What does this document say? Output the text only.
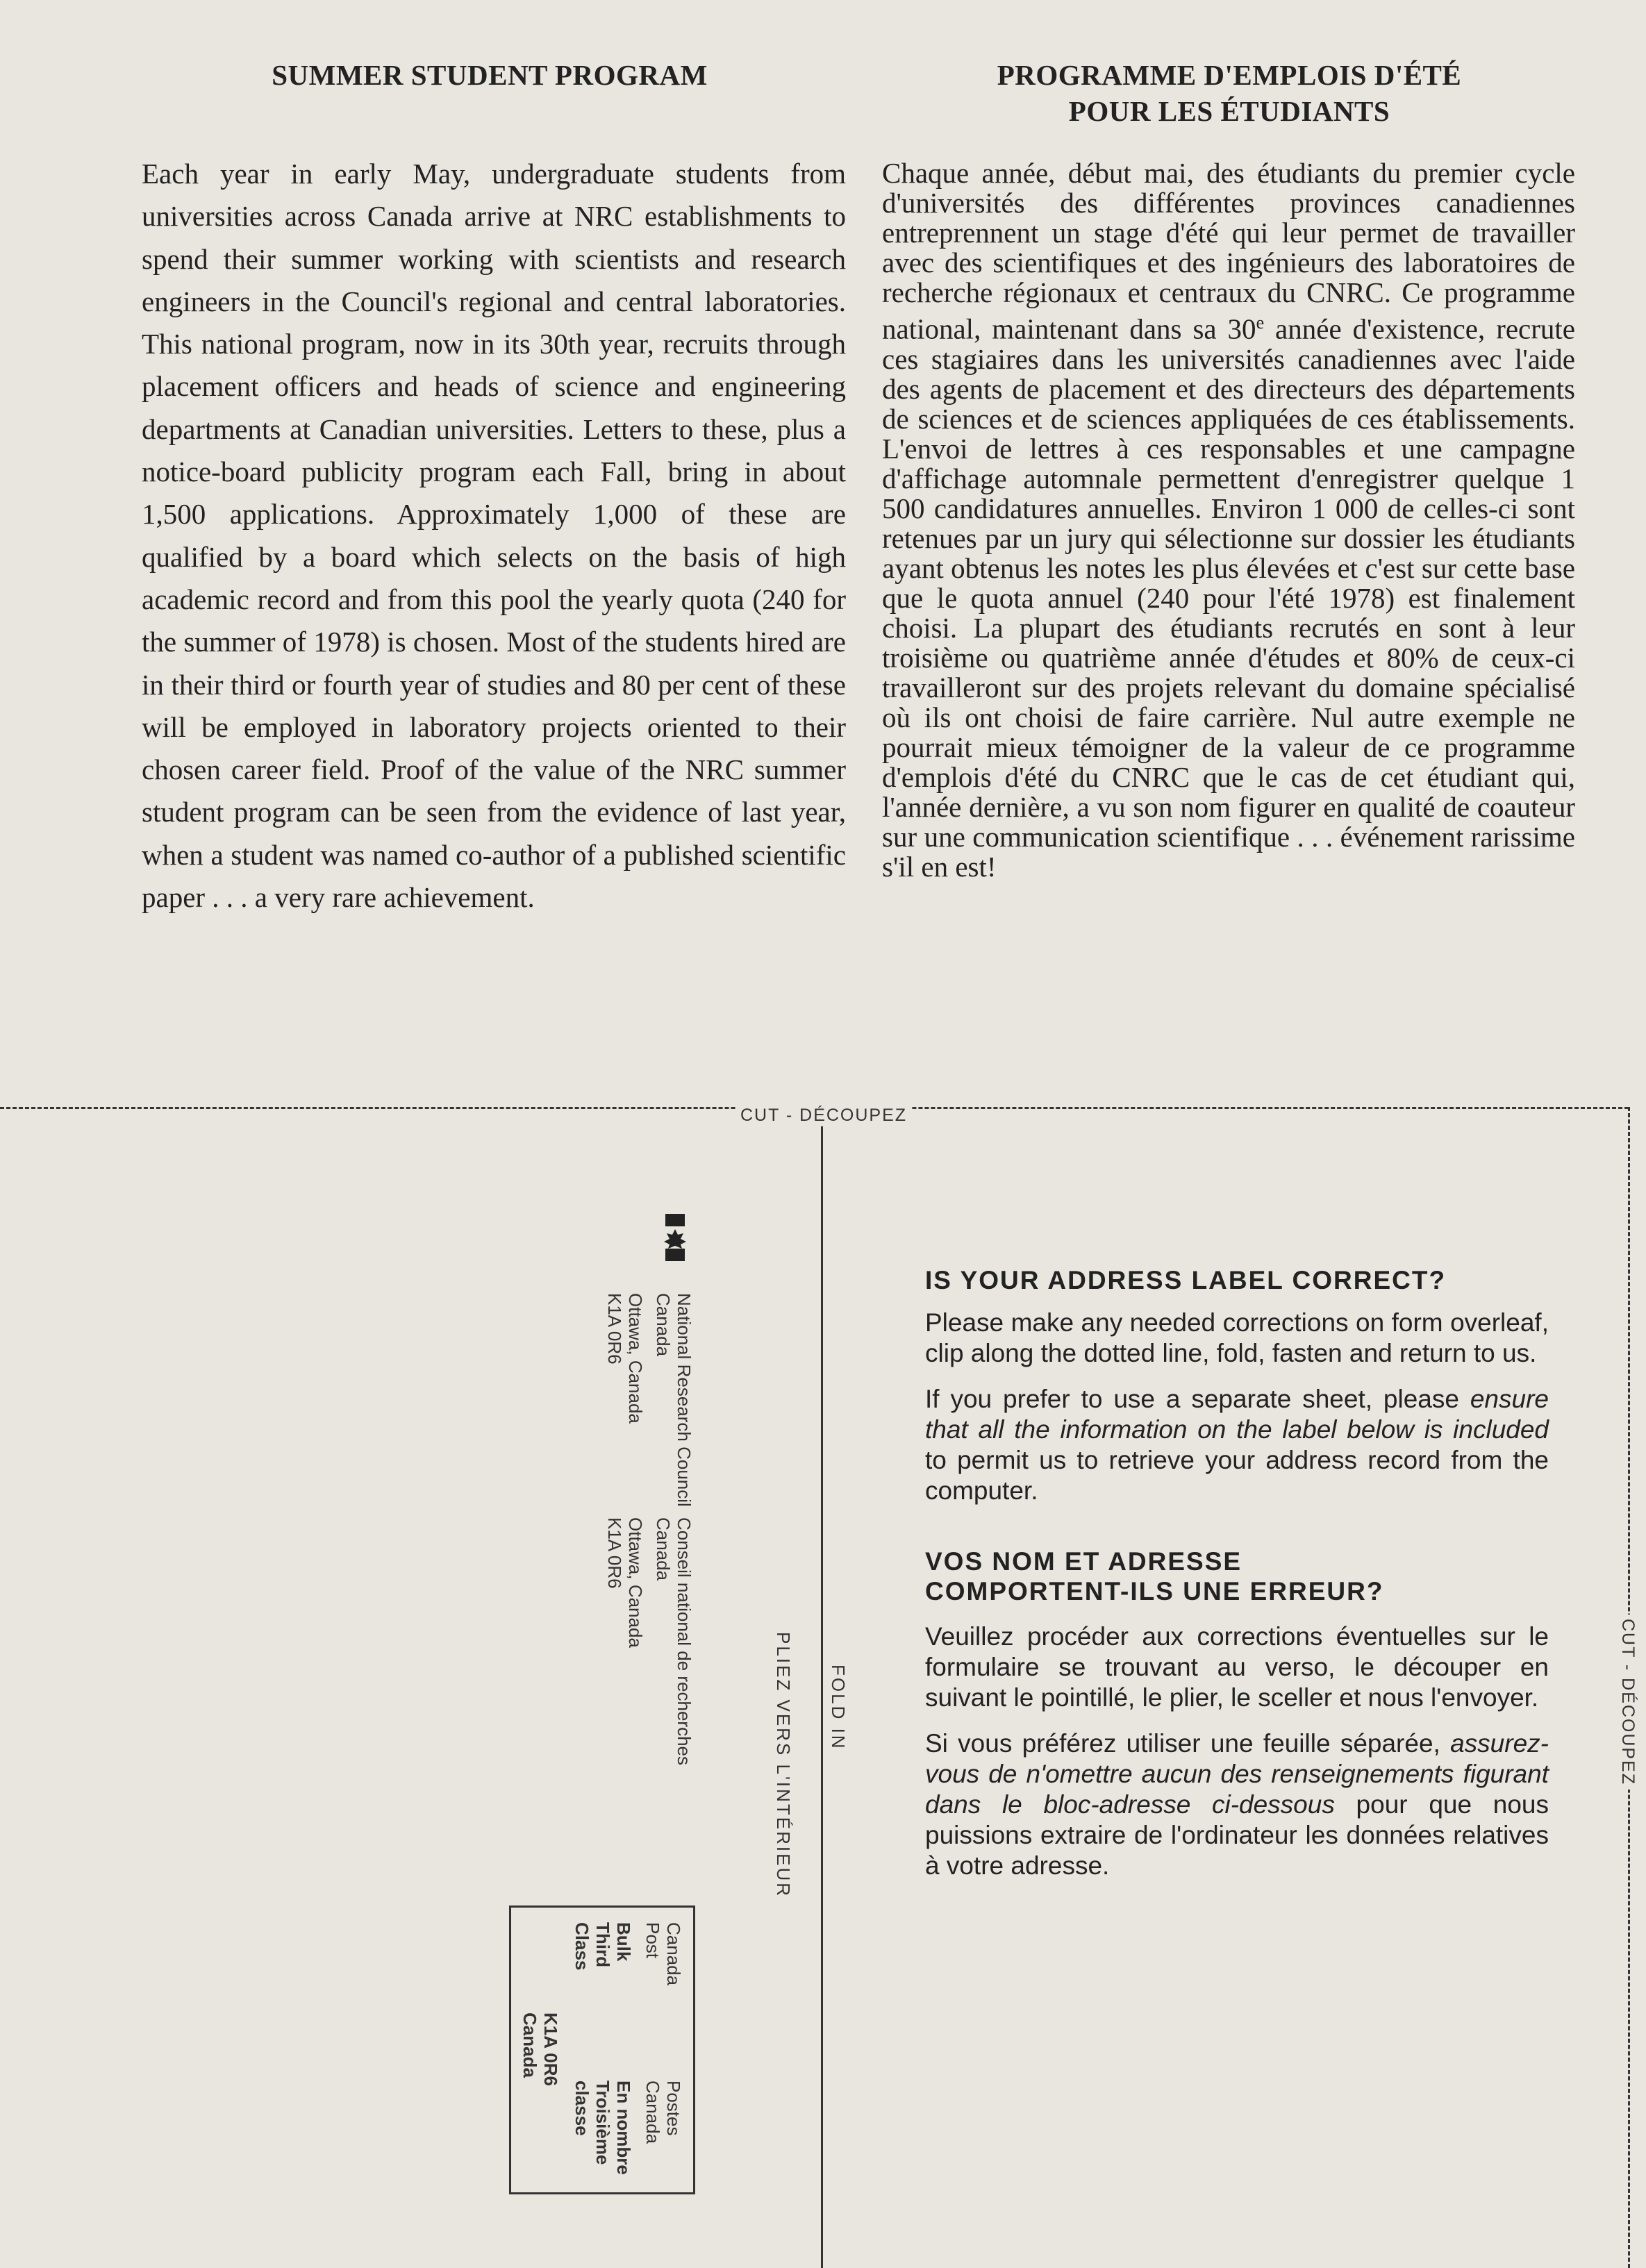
SUMMER STUDENT PROGRAM
Each year in early May, undergraduate students from universities across Canada arrive at NRC establishments to spend their summer working with scientists and research engineers in the Council's regional and central laboratories. This national program, now in its 30th year, recruits through placement officers and heads of science and engineering departments at Canadian universities. Letters to these, plus a notice-board publicity program each Fall, bring in about 1,500 applications. Approximately 1,000 of these are qualified by a board which selects on the basis of high academic record and from this pool the yearly quota (240 for the summer of 1978) is chosen. Most of the students hired are in their third or fourth year of studies and 80 per cent of these will be employed in laboratory projects oriented to their chosen career field. Proof of the value of the NRC summer student program can be seen from the evidence of last year, when a student was named co-author of a published scientific paper . . . a very rare achievement.
PROGRAMME D'EMPLOIS D'ÉTÉ
POUR LES ÉTUDIANTS
Chaque année, début mai, des étudiants du premier cycle d'universités des différentes provinces canadiennes entreprennent un stage d'été qui leur permet de travailler avec des scientifiques et des ingénieurs des laboratoires de recherche régionaux et centraux du CNRC. Ce programme national, maintenant dans sa 30e année d'existence, recrute ces stagiaires dans les universités canadiennes avec l'aide des agents de placement et des directeurs des départements de sciences et de sciences appliquées de ces établissements. L'envoi de lettres à ces responsables et une campagne d'affichage automnale permettent d'enregistrer quelque 1 500 candidatures annuelles. Environ 1 000 de celles-ci sont retenues par un jury qui sélectionne sur dossier les étudiants ayant obtenus les notes les plus élevées et c'est sur cette base que le quota annuel (240 pour l'été 1978) est finalement choisi. La plupart des étudiants recrutés en sont à leur troisième ou quatrième année d'études et 80% de ceux-ci travailleront sur des projets relevant du domaine spécialisé où ils ont choisi de faire carrière. Nul autre exemple ne pourrait mieux témoigner de la valeur de ce programme d'emplois d'été du CNRC que le cas de cet étudiant qui, l'année dernière, a vu son nom figurer en qualité de coauteur sur une communication scientifique . . . événement rarissime s'il en est!
CUT - DÉCOUPEZ
CUT - DÉCOUPEZ
FOLD IN
PLIEZ VERS L'INTÉRIEUR
National Research Council
Canada
Ottawa, Canada
K1A 0R6
Conseil national de recherches
Canada
Ottawa, Canada
K1A 0R6
Canada
Post
Bulk
Third
Class
Postes
Canada
En nombre
Troisième
classe
K1A 0R6
Canada
IS YOUR ADDRESS LABEL CORRECT?
Please make any needed corrections on form overleaf, clip along the dotted line, fold, fasten and return to us.
If you prefer to use a separate sheet, please ensure that all the information on the label below is included to permit us to retrieve your address record from the computer.
VOS NOM ET ADRESSE
COMPORTENT-ILS UNE ERREUR?
Veuillez procéder aux corrections éventuelles sur le formulaire se trouvant au verso, le découper en suivant le pointillé, le plier, le sceller et nous l'envoyer.
Si vous préférez utiliser une feuille séparée, assurez-vous de n'omettre aucun des renseignements figurant dans le bloc-adresse ci-dessous pour que nous puissions extraire de l'ordinateur les données relatives à votre adresse.
